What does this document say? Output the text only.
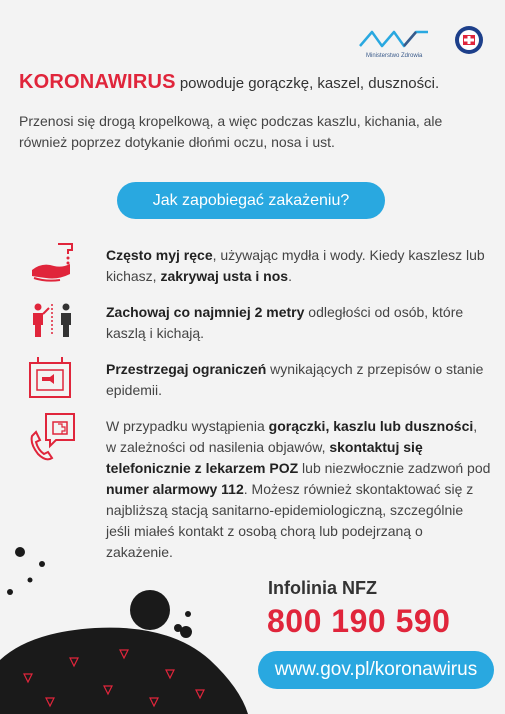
Ministerstwo Zdrowia
KORONAWIRUS powoduje gorączkę, kaszel, duszności.
Przenosi się drogą kropelkową, a więc podczas kaszlu, kichania, ale również poprzez dotykanie dłońmi oczu, nosa i ust.
Jak zapobiegać zakażeniu?
Często myj ręce, używając mydła i wody. Kiedy kaszlesz lub kichasz, zakrywaj usta i nos.
Zachowaj co najmniej 2 metry odległości od osób, które kaszlą i kichają.
Przestrzegaj ograniczeń wynikających z przepisów o stanie epidemii.
W przypadku wystąpienia gorączki, kaszlu lub duszności, w zależności od nasilenia objawów, skontaktuj się telefonicznie z lekarzem POZ lub niezwłocznie zadzwoń pod numer alarmowy 112. Możesz również skontaktować się z najbliższą stacją sanitarno-epidemiologiczną, szczególnie jeśli miałeś kontakt z osobą chorą lub podejrzaną o zakażenie.
Infolinia NFZ
800 190 590
www.gov.pl/koronawirus
